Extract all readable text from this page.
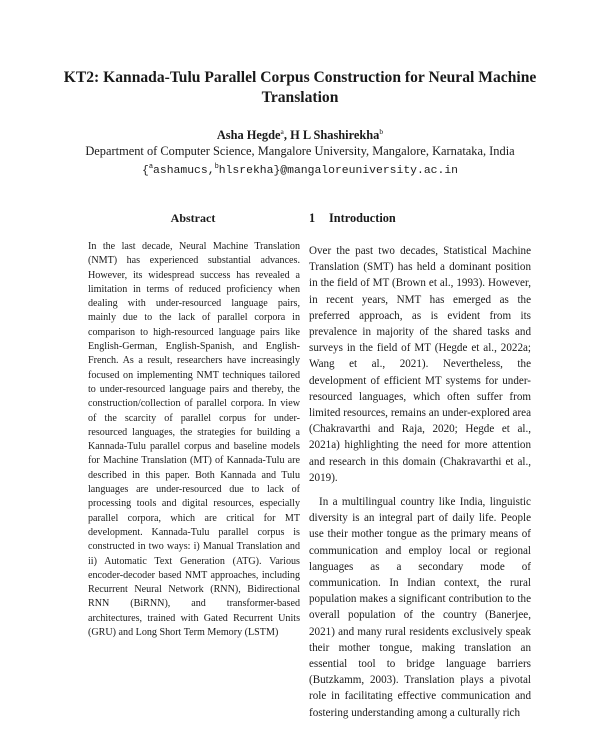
KT2: Kannada-Tulu Parallel Corpus Construction for Neural Machine
Translation
Asha Hegde$^a$, H L Shashirekha$^b$
Department of Computer Science, Mangalore University, Mangalore, Karnataka, India
{$^a$ashamucs,$^b$hlsrekha}@mangaloreuniversity.ac.in
Abstract
In the last decade, Neural Machine Translation (NMT) has experienced substantial advances. However, its widespread success has revealed a limitation in terms of reduced proficiency when dealing with under-resourced language pairs, mainly due to the lack of parallel corpora in comparison to high-resourced language pairs like English-German, English-Spanish, and English-French. As a result, researchers have increasingly focused on implementing NMT techniques tailored to under-resourced language pairs and thereby, the construction/collection of parallel corpora. In view of the scarcity of parallel corpus for under-resourced languages, the strategies for building a Kannada-Tulu parallel corpus and baseline models for Machine Translation (MT) of Kannada-Tulu are described in this paper. Both Kannada and Tulu languages are under-resourced due to lack of processing tools and digital resources, especially parallel corpora, which are critical for MT development. Kannada-Tulu parallel corpus is constructed in two ways: i) Manual Translation and ii) Automatic Text Generation (ATG). Various encoder-decoder based NMT approaches, including Recurrent Neural Network (RNN), Bidirectional RNN (BiRNN), and transformer-based architectures, trained with Gated Recurrent Units (GRU) and Long Short Term Memory (LSTM)
1 Introduction

Over the past two decades, Statistical Machine Translation (SMT) has held a dominant position in the field of MT (Brown et al., 1993). However, in recent years, NMT has emerged as the preferred approach, as is evident from its prevalence in majority of the shared tasks and surveys in the field of MT (Hegde et al., 2022a; Wang et al., 2021). Nevertheless, the development of efficient MT systems for under-resourced languages, which often suffer from limited resources, remains an under-explored area (Chakravarthi and Raja, 2020; Hegde et al., 2021a) highlighting the need for more attention and research in this domain (Chakravarthi et al., 2019).

In a multilingual country like India, linguistic diversity is an integral part of daily life. People use their mother tongue as the primary means of communication and employ local or regional languages as a secondary mode of communication. In Indian context, the rural population makes a significant contribution to the overall population of the country (Banerjee, 2021) and many rural residents exclusively speak their mother tongue, making translation an essential tool to bridge language barriers (Butzkamm, 2003). Translation plays a pivotal role in facilitating effective communication and fostering understanding among a culturally rich
